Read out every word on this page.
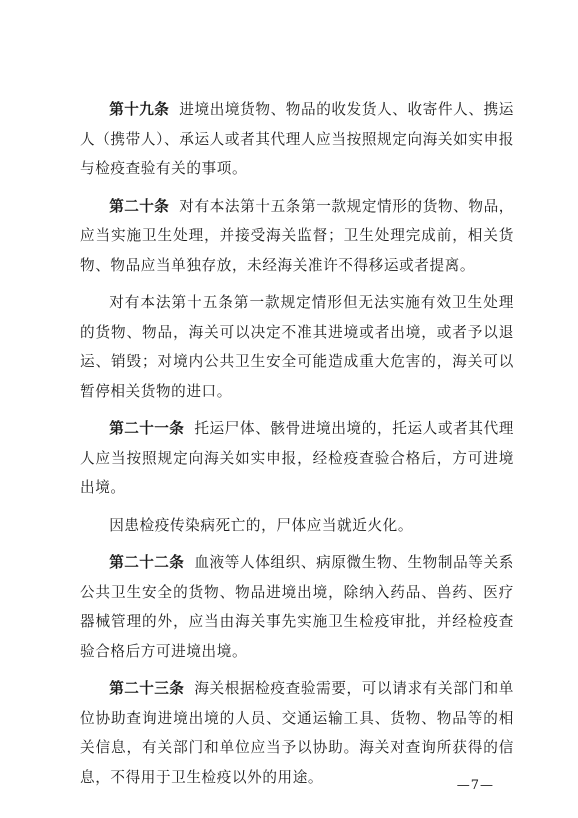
第十九条 进境出境货物、物品的收发货人、收寄件人、携运人（携带人）、承运人或者其代理人应当按照规定向海关如实申报与检疫查验有关的事项。

第二十条 对有本法第十五条第一款规定情形的货物、物品，应当实施卫生处理，并接受海关监督；卫生处理完成前，相关货物、物品应当单独存放，未经海关准许不得移运或者提离。

对有本法第十五条第一款规定情形但无法实施有效卫生处理的货物、物品，海关可以决定不准其进境或者出境，或者予以退运、销毁；对境内公共卫生安全可能造成重大危害的，海关可以暂停相关货物的进口。

第二十一条 托运尸体、骸骨进境出境的，托运人或者其代理人应当按照规定向海关如实申报，经检疫查验合格后，方可进境出境。

因患检疫传染病死亡的，尸体应当就近火化。

第二十二条 血液等人体组织、病原微生物、生物制品等关系公共卫生安全的货物、物品进境出境，除纳入药品、兽药、医疗器械管理的外，应当由海关事先实施卫生检疫审批，并经检疫查验合格后方可进境出境。

第二十三条 海关根据检疫查验需要，可以请求有关部门和单位协助查询进境出境的人员、交通运输工具、货物、物品等的相关信息，有关部门和单位应当予以协助。海关对查询所获得的信息，不得用于卫生检疫以外的用途。	—7—
